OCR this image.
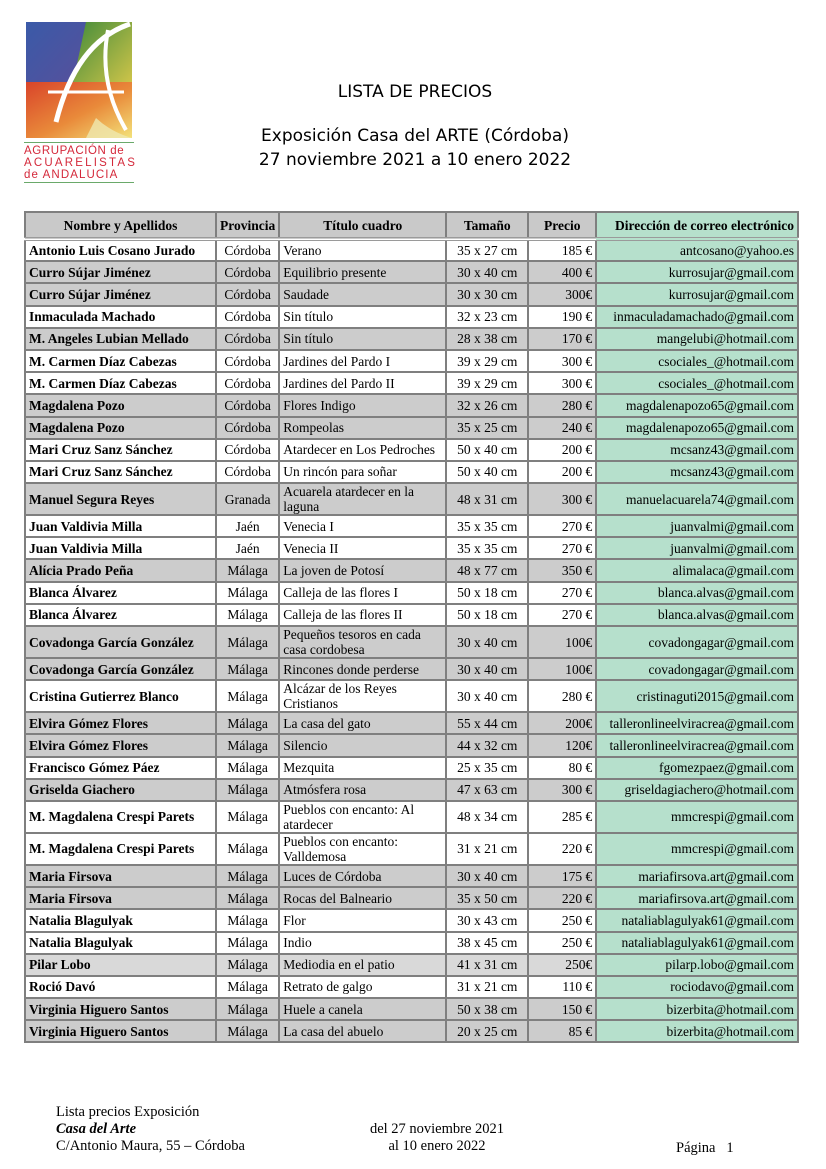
AGRUPACIÓN de
ACUARELISTAS
de ANDALUCIA
LISTA DE PRECIOS
Exposición Casa del ARTE (Córdoba)
27 noviembre 2021 a 10 enero 2022
Nombre y Apellidos	Provincia	Título cuadro	Tamaño	Precio	Dirección de correo electrónico
Antonio Luis Cosano Jurado	Córdoba	Verano	35 x 27 cm	185 €	antcosano@yahoo.es
Curro Sújar Jiménez	Córdoba	Equilibrio presente	30 x 40 cm	400 €	kurrosujar@gmail.com
Curro Sújar Jiménez	Córdoba	Saudade	30 x 30 cm	300€	kurrosujar@gmail.com
Inmaculada Machado	Córdoba	Sin título	32 x 23 cm	190 €	inmaculadamachado@gmail.com
M. Angeles Lubian Mellado	Córdoba	Sin título	28 x 38 cm	170 €	mangelubi@hotmail.com
M. Carmen Díaz Cabezas	Córdoba	Jardines del Pardo I	39 x 29 cm	300 €	csociales_@hotmail.com
M. Carmen Díaz Cabezas	Córdoba	Jardines del Pardo II	39 x 29 cm	300 €	csociales_@hotmail.com
Magdalena Pozo	Córdoba	Flores Indigo	32 x 26 cm	280 €	magdalenapozo65@gmail.com
Magdalena Pozo	Córdoba	Rompeolas	35 x 25 cm	240 €	magdalenapozo65@gmail.com
Mari Cruz Sanz Sánchez	Córdoba	Atardecer en Los Pedroches	50 x 40 cm	200 €	mcsanz43@gmail.com
Mari Cruz Sanz Sánchez	Córdoba	Un rincón para soñar	50 x 40 cm	200 €	mcsanz43@gmail.com
Manuel Segura Reyes	Granada	Acuarela atardecer en la laguna	48 x 31 cm	300 €	manuelacuarela74@gmail.com
Juan Valdivia Milla	Jaén	Venecia I	35 x 35 cm	270 €	juanvalmi@gmail.com
Juan Valdivia Milla	Jaén	Venecia II	35 x 35 cm	270 €	juanvalmi@gmail.com
Alícia Prado Peña	Málaga	La joven de Potosí	48 x 77 cm	350 €	alimalaca@gmail.com
Blanca Álvarez	Málaga	Calleja de las flores I	50 x 18 cm	270 €	blanca.alvas@gmail.com
Blanca Álvarez	Málaga	Calleja de las flores II	50 x 18 cm	270 €	blanca.alvas@gmail.com
Covadonga García González	Málaga	Pequeños tesoros en cada casa cordobesa	30 x 40 cm	100€	covadongagar@gmail.com
Covadonga García González	Málaga	Rincones donde perderse	30 x 40 cm	100€	covadongagar@gmail.com
Cristina Gutierrez Blanco	Málaga	Alcázar de los Reyes Cristianos	30 x 40 cm	280 €	cristinaguti2015@gmail.com
Elvira Gómez Flores	Málaga	La casa del gato	55 x 44 cm	200€	talleronlineelviracrea@gmail.com
Elvira Gómez Flores	Málaga	Silencio	44 x 32 cm	120€	talleronlineelviracrea@gmail.com
Francisco Gómez Páez	Málaga	Mezquita	25 x 35 cm	80 €	fgomezpaez@gmail.com
Griselda Giachero	Málaga	Atmósfera rosa	47 x 63 cm	300 €	griseldagiachero@hotmail.com
M. Magdalena Crespi Parets	Málaga	Pueblos con encanto: Al atardecer	48 x 34 cm	285 €	mmcrespi@gmail.com
M. Magdalena Crespi Parets	Málaga	Pueblos con encanto: Valldemosa	31 x 21 cm	220 €	mmcrespi@gmail.com
Maria Firsova	Málaga	Luces de Córdoba	30 x 40 cm	175 €	mariafirsova.art@gmail.com
Maria Firsova	Málaga	Rocas del Balneario	35 x 50 cm	220 €	mariafirsova.art@gmail.com
Natalia Blagulyak	Málaga	Flor	30 x 43 cm	250 €	nataliablagulyak61@gmail.com
Natalia Blagulyak	Málaga	Indio	38 x 45 cm	250 €	nataliablagulyak61@gmail.com
Pilar Lobo	Málaga	Mediodia en el patio	41 x 31 cm	250€	pilarp.lobo@gmail.com
Roció Davó	Málaga	Retrato de galgo	31 x 21 cm	110 €	rociodavo@gmail.com
Virginia Higuero Santos	Málaga	Huele a canela	50 x 38 cm	150 €	bizerbita@hotmail.com
Virginia Higuero Santos	Málaga	La casa del abuelo	20 x 25 cm	85 €	bizerbita@hotmail.com
Lista precios Exposición
Casa del Arte
C/Antonio Maura, 55 – Córdoba
del 27 noviembre 2021
al 10 enero 2022	Página 1
